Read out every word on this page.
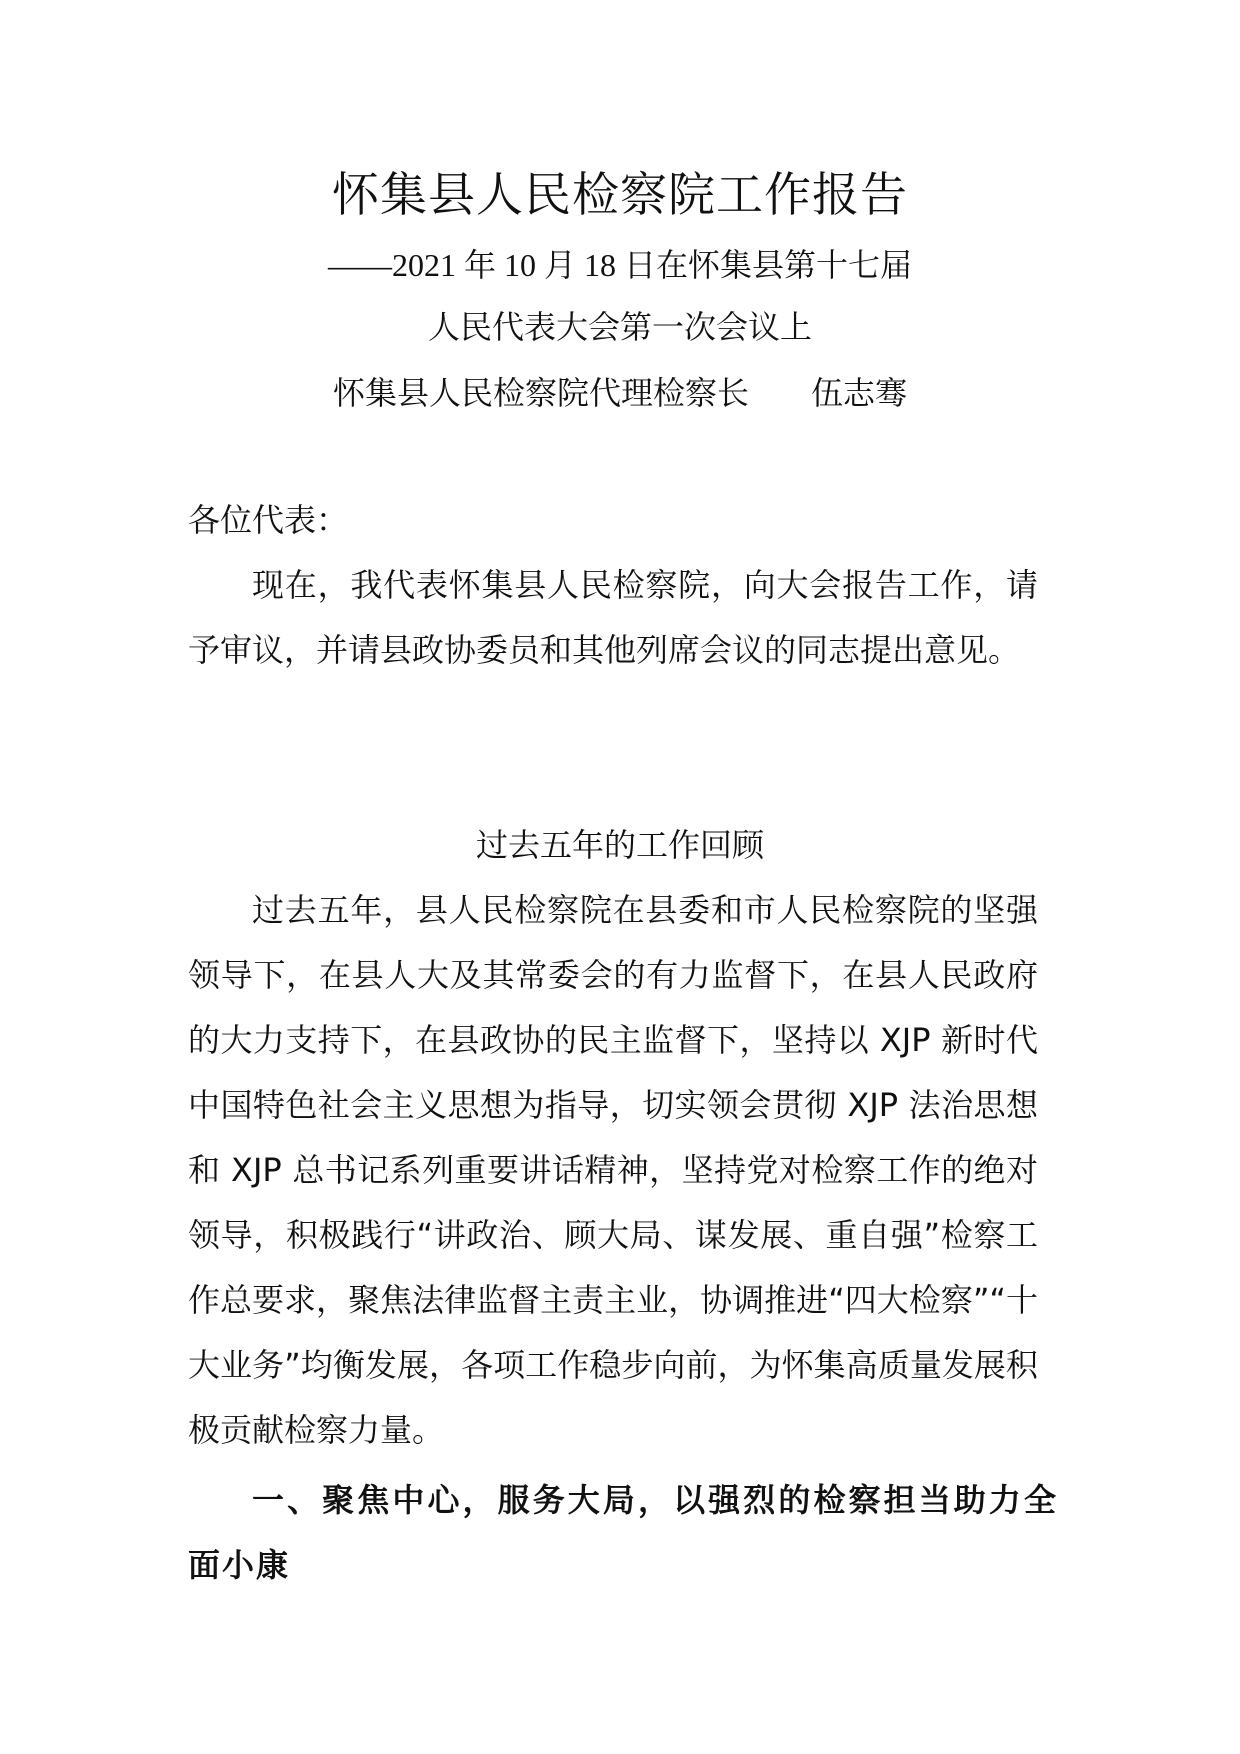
怀集县人民检察院工作报告
——2021 年 10 月 18 日在怀集县第十七届
人民代表大会第一次会议上
怀集县人民检察院代理检察长 伍志骞
各位代表：
现在，我代表怀集县人民检察院，向大会报告工作，请予审议，并请县政协委员和其他列席会议的同志提出意见。
过去五年的工作回顾
过去五年，县人民检察院在县委和市人民检察院的坚强领导下，在县人大及其常委会的有力监督下，在县人民政府的大力支持下，在县政协的民主监督下，坚持以 XJP 新时代中国特色社会主义思想为指导，切实领会贯彻 XJP 法治思想和 XJP 总书记系列重要讲话精神，坚持党对检察工作的绝对领导，积极践行“讲政治、顾大局、谋发展、重自强”检察工作总要求，聚焦法律监督主责主业，协调推进“四大检察”“十大业务”均衡发展，各项工作稳步向前，为怀集高质量发展积极贡献检察力量。
一、聚焦中心，服务大局，以强烈的检察担当助力全面小康
